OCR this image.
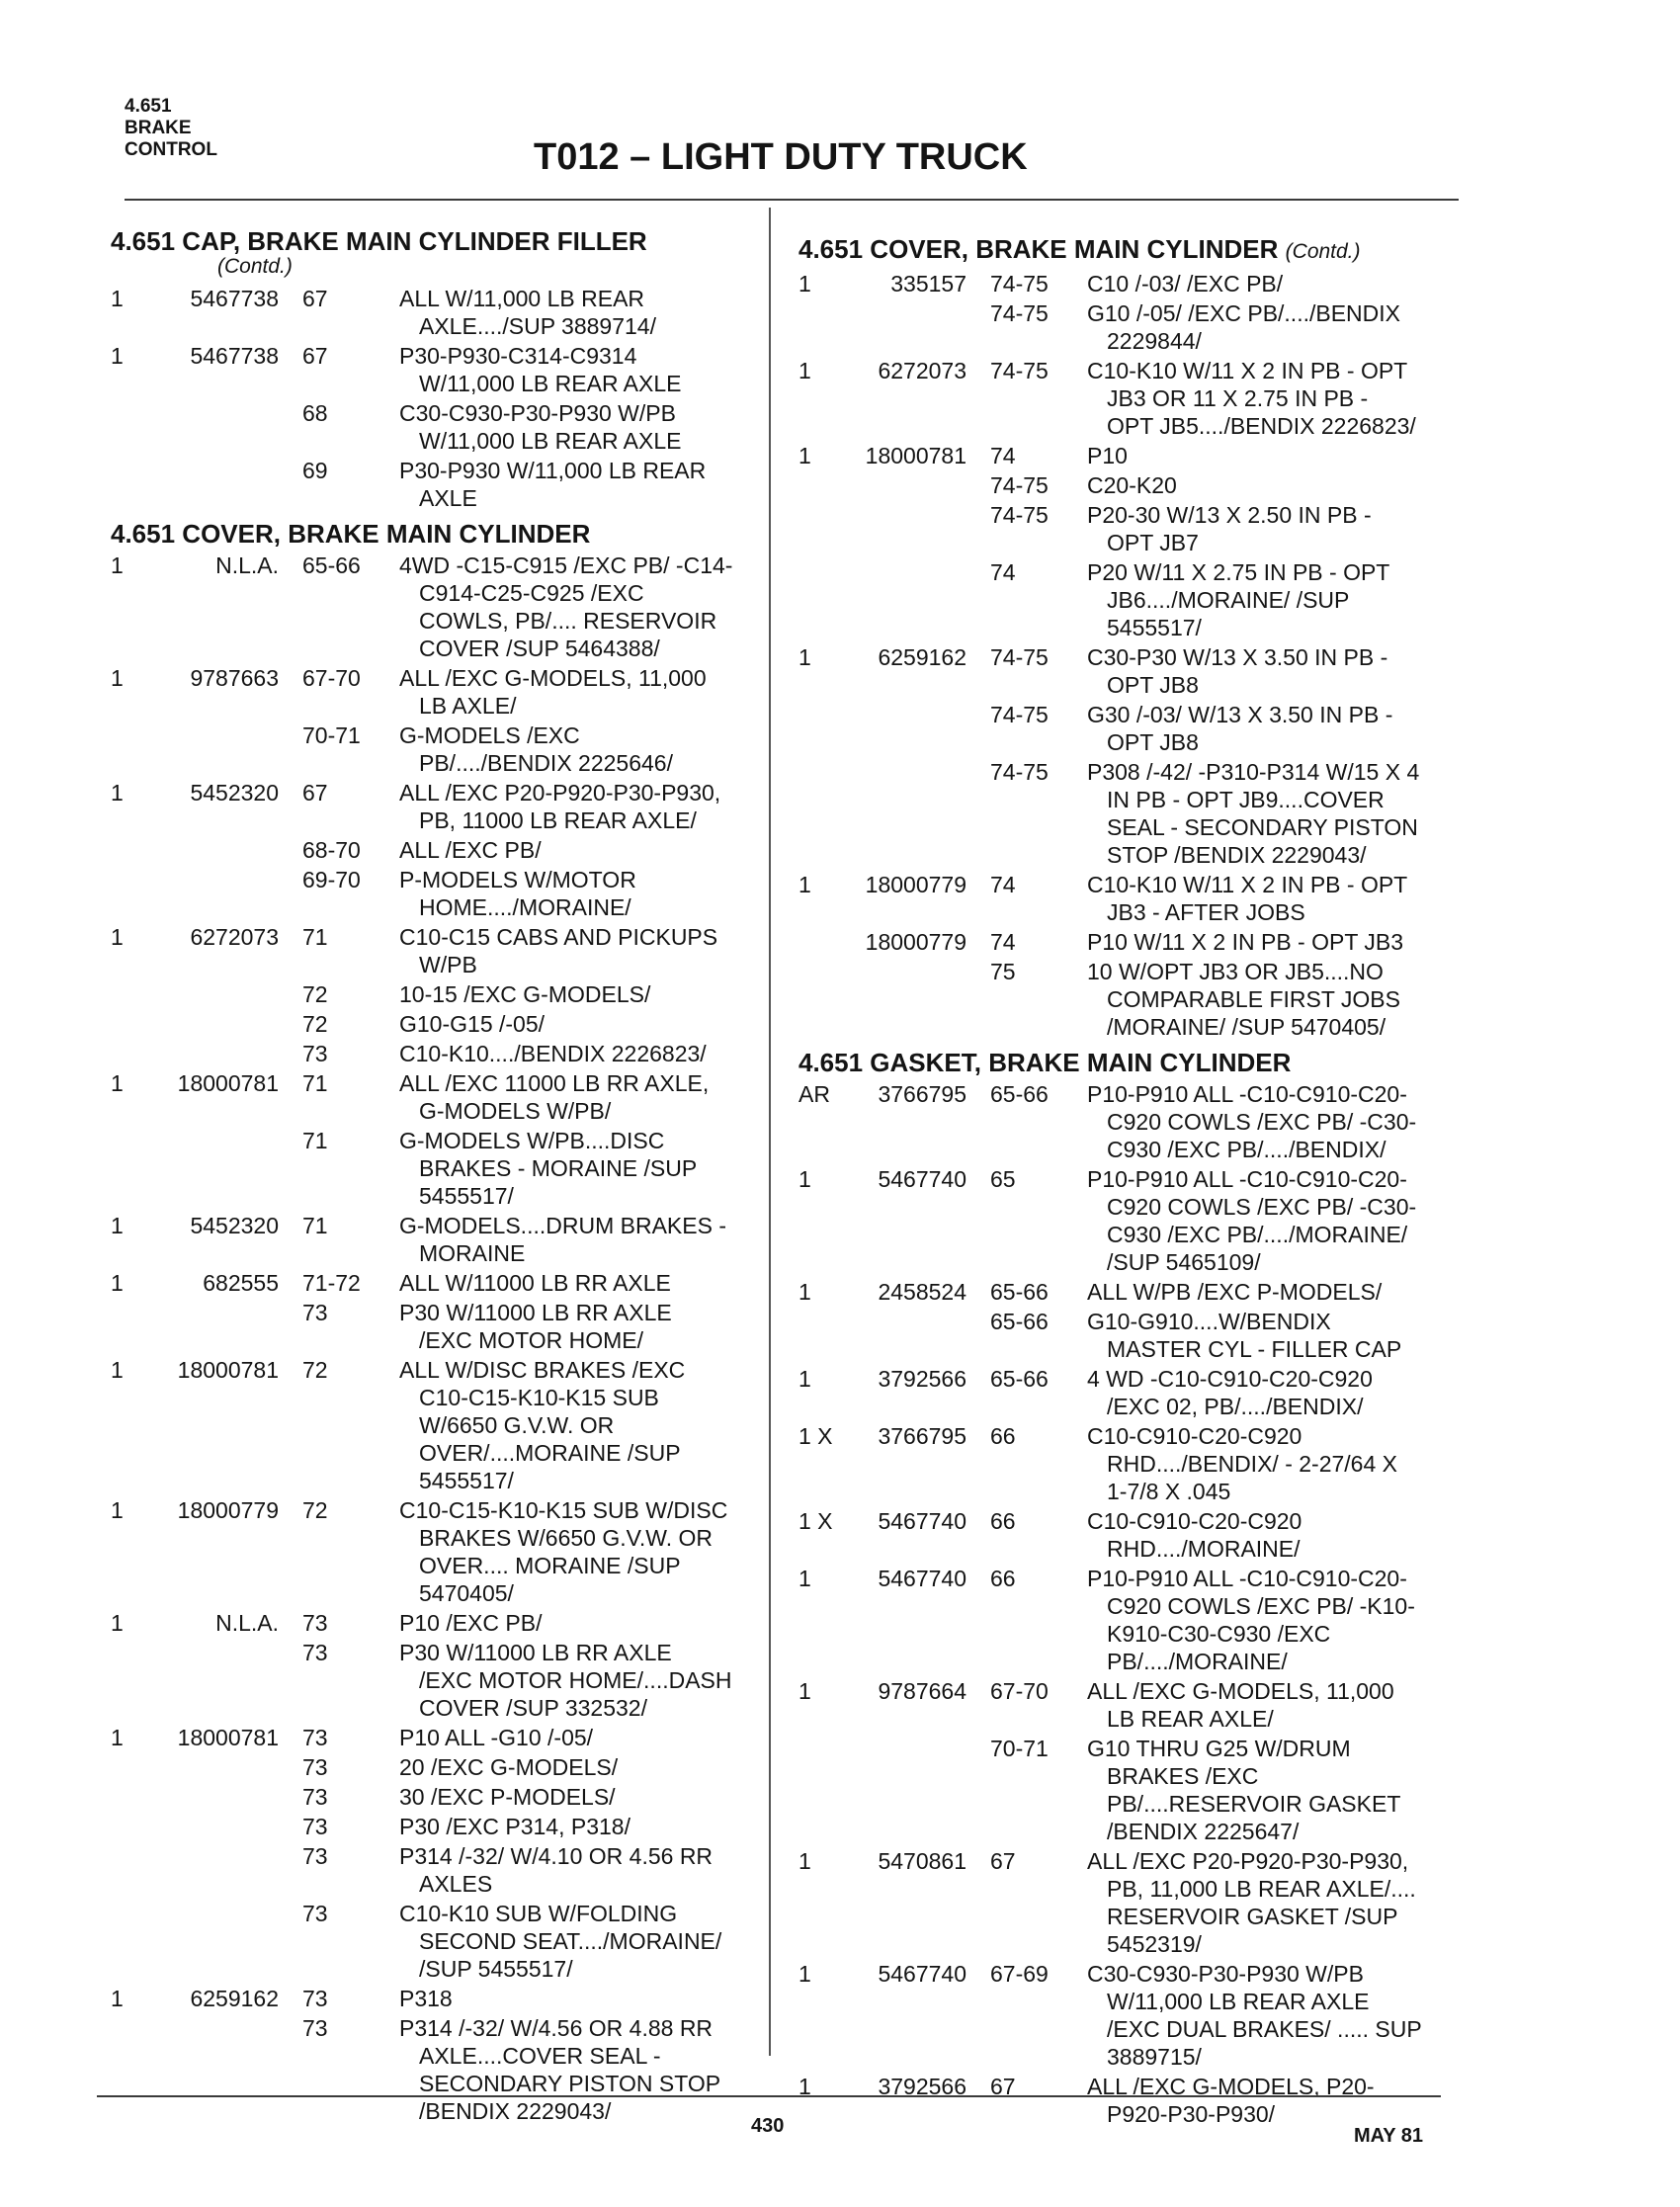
4.651
BRAKE
CONTROL	T012 – LIGHT DUTY TRUCK
4.651 CAP, BRAKE MAIN CYLINDER FILLER
(Contd.)
1	5467738 67	ALL W/11,000 LB REAR
AXLE..../SUP 3889714/
1	5467738 67	P30-P930-C314-C9314
W/11,000 LB REAR AXLE
68	C30-C930-P30-P930 W/PB
W/11,000 LB REAR AXLE
69	P30-P930 W/11,000 LB REAR
AXLE
4.651 COVER, BRAKE MAIN CYLINDER
1	N.L.A. 65-66	4WD -C15-C915 /EXC PB/ -C14-
C914-C25-C925 /EXC
COWLS, PB/.... RESERVOIR
COVER /SUP 5464388/
1	9787663 67-70	ALL /EXC G-MODELS, 11,000
LB AXLE/
70-71	G-MODELS /EXC
PB/..../BENDIX 2225646/
1	5452320 67	ALL /EXC P20-P920-P30-P930,
PB, 11000 LB REAR AXLE/
68-70	ALL /EXC PB/
69-70	P-MODELS W/MOTOR
HOME..../MORAINE/
1	6272073 71	C10-C15 CABS AND PICKUPS
W/PB
72	10-15 /EXC G-MODELS/
72	G10-G15 /-05/
73	C10-K10..../BENDIX 2226823/
1	18000781 71	ALL /EXC 11000 LB RR AXLE,
G-MODELS W/PB/
71	G-MODELS W/PB....DISC
BRAKES - MORAINE /SUP
5455517/
1	5452320 71	G-MODELS....DRUM BRAKES -
MORAINE
1	682555 71-72	ALL W/11000 LB RR AXLE
73	P30 W/11000 LB RR AXLE
/EXC MOTOR HOME/
1	18000781 72	ALL W/DISC BRAKES /EXC
C10-C15-K10-K15 SUB
W/6650 G.V.W. OR
OVER/....MORAINE /SUP
5455517/
1	18000779 72	C10-C15-K10-K15 SUB W/DISC
BRAKES W/6650 G.V.W. OR
OVER.... MORAINE /SUP
5470405/
1	N.L.A. 73	P10 /EXC PB/
73	P30 W/11000 LB RR AXLE
/EXC MOTOR HOME/....DASH
COVER /SUP 332532/
1	18000781 73	P10 ALL -G10 /-05/
73	20 /EXC G-MODELS/
73	30 /EXC P-MODELS/
73	P30 /EXC P314, P318/
73	P314 /-32/ W/4.10 OR 4.56 RR
AXLES
73	C10-K10 SUB W/FOLDING
SECOND SEAT..../MORAINE/
/SUP 5455517/
1	6259162 73	P318
73	P314 /-32/ W/4.56 OR 4.88 RR
AXLE....COVER SEAL -
SECONDARY PISTON STOP
/BENDIX 2229043/
4.651 COVER, BRAKE MAIN CYLINDER (Contd.)
1	335157 74-75	C10 /-03/ /EXC PB/
74-75	G10 /-05/ /EXC PB/..../BENDIX
2229844/
1	6272073 74-75	C10-K10 W/11 X 2 IN PB - OPT
JB3 OR 11 X 2.75 IN PB -
OPT JB5..../BENDIX 2226823/
1	18000781 74	P10
74-75	C20-K20
74-75	P20-30 W/13 X 2.50 IN PB -
OPT JB7
74	P20 W/11 X 2.75 IN PB - OPT
JB6..../MORAINE/ /SUP
5455517/
1	6259162 74-75	C30-P30 W/13 X 3.50 IN PB -
OPT JB8
74-75	G30 /-03/ W/13 X 3.50 IN PB -
OPT JB8
74-75	P308 /-42/ -P310-P314 W/15 X 4
IN PB - OPT JB9....COVER
SEAL - SECONDARY PISTON
STOP /BENDIX 2229043/
1	18000779 74	C10-K10 W/11 X 2 IN PB - OPT
JB3 - AFTER JOBS
18000779 74	P10 W/11 X 2 IN PB - OPT JB3
75	10 W/OPT JB3 OR JB5....NO
COMPARABLE FIRST JOBS
/MORAINE/ /SUP 5470405/
4.651 GASKET, BRAKE MAIN CYLINDER
AR	3766795 65-66	P10-P910 ALL -C10-C910-C20-
C920 COWLS /EXC PB/ -C30-
C930 /EXC PB/..../BENDIX/
1	5467740 65	P10-P910 ALL -C10-C910-C20-
C920 COWLS /EXC PB/ -C30-
C930 /EXC PB/..../MORAINE/
/SUP 5465109/
1	2458524 65-66	ALL W/PB /EXC P-MODELS/
65-66	G10-G910....W/BENDIX
MASTER CYL - FILLER CAP
1	3792566 65-66	4 WD -C10-C910-C20-C920
/EXC 02, PB/..../BENDIX/
1 X	3766795 66	C10-C910-C20-C920
RHD..../BENDIX/ - 2-27/64 X
1-7/8 X .045
1 X	5467740 66	C10-C910-C20-C920
RHD..../MORAINE/
1	5467740 66	P10-P910 ALL -C10-C910-C20-
C920 COWLS /EXC PB/ -K10-
K910-C30-C930 /EXC
PB/..../MORAINE/
1	9787664 67-70	ALL /EXC G-MODELS, 11,000
LB REAR AXLE/
70-71	G10 THRU G25 W/DRUM
BRAKES /EXC
PB/....RESERVOIR GASKET
/BENDIX 2225647/
1	5470861 67	ALL /EXC P20-P920-P30-P930,
PB, 11,000 LB REAR AXLE/....
RESERVOIR GASKET /SUP
5452319/
1	5467740 67-69	C30-C930-P30-P930 W/PB
W/11,000 LB REAR AXLE
/EXC DUAL BRAKES/ ..... SUP
3889715/
1	3792566 67	ALL /EXC G-MODELS, P20-
P920-P30-P930/
430	MAY 81
